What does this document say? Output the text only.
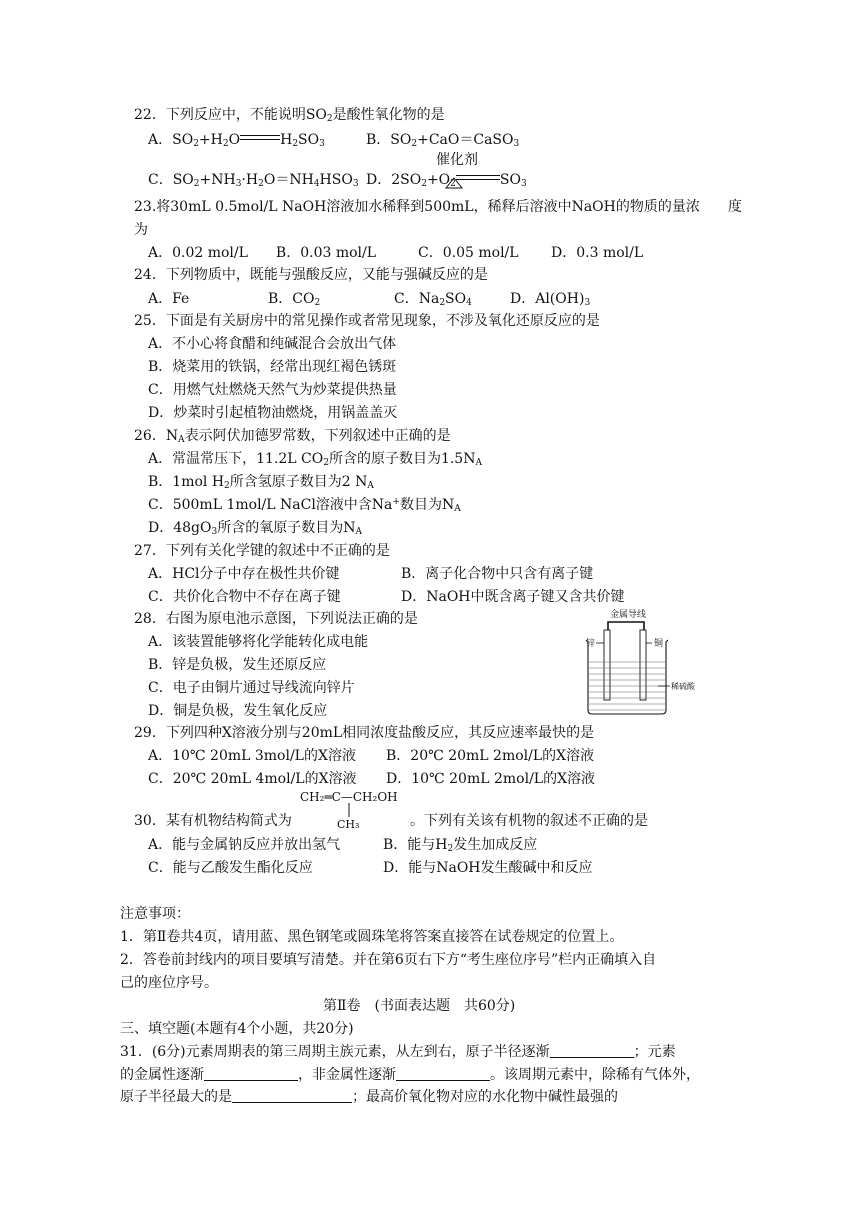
22．下列反应中，不能说明$SO_2$是酸性氧化物的是
A．$SO_2+H_2O$	$H_2SO_3$	B．$SO_2+CaO=CaSO_3$
催化剂
C．$SO_2+NH_3\cdot H_2O=NH_4HSO_3$ D．$2SO_2+O_2$	$SO_3$
23.将30mL 0.5mol/L NaOH溶液加水稀释到500mL，稀释后溶液中NaOH的物质的量浓　　度
为
A．0.02 mol/L　　B．0.03 mol/L　　　C．0.05 mol/L　　 D．0.3 mol/L
24．下列物质中，既能与强酸反应，又能与强碱反应的是
A．Fe	B．$CO_2$	C．$Na_2SO_4$	D．$Al(OH)_3$
25．下面是有关厨房中的常见操作或者常见现象，不涉及氧化还原反应的是
A．不小心将食醋和纯碱混合会放出气体
B．烧菜用的铁锅，经常出现红褐色锈斑
C．用燃气灶燃烧天然气为炒菜提供热量
D．炒菜时引起植物油燃烧，用锅盖盖灭
26．$N_A$表示阿伏加德罗常数，下列叙述中正确的是
A．常温常压下，11.2L $CO_2$所含的原子数目为$1.5N_A$
B．1mol $H_2$所含氢原子数目为2 $N_A$
C．500mL 1mol/L NaCl溶液中含Na+数目为$N_A$
D．$48gO_3$所含的氧原子数目为$N_A$
27．下列有关化学键的叙述中不正确的是
A．HCl分子中存在极性共价键	B．离子化合物中只含有离子键
C．共价化合物中不存在离子键	D．NaOH中既含离子键又含共价键
28．右图为原电池示意图，下列说法正确的是
A．该装置能够将化学能转化成电能
B．锌是负极，发生还原反应
C．电子由铜片通过导线流向锌片
D．铜是负极，发生氧化反应
金属导线
锌	铜
稀硫酸
29．下列四种X溶液分别与20mL相同浓度盐酸反应，其反应速率最快的是
A．10℃ 20mL 3mol/L的X溶液 B．20℃ 20mL 2mol/L的X溶液
C．20℃ 20mL 4mol/L的X溶液 D．10℃ 20mL 2mol/L的X溶液
CH₂═C—CH₂OH
CH₃
30．某有机物结构简式为	。下列有关该有机物的叙述不正确的是
A．能与金属钠反应并放出氢气	B．能与$H_2$发生加成反应
C．能与乙酸发生酯化反应	D．能与NaOH发生酸碱中和反应
注意事项：
1．第Ⅱ卷共4页，请用蓝、黑色钢笔或圆珠笔将答案直接答在试卷规定的位置上。
2．答卷前封线内的项目要填写清楚。并在第6页右下方“考生座位序号”栏内正确填入自
己的座位序号。
第Ⅱ卷　(书面表达题　共60分)
三、填空题(本题有4个小题，共20分)
31．(6分)元素周期表的第三周期主族元素，从左到右，原子半径逐渐	；元素
的金属性逐渐	，非金属性逐渐	。该周期元素中，除稀有气体外，
原子半径最大的是	；最高价氧化物对应的水化物中碱性最强的
